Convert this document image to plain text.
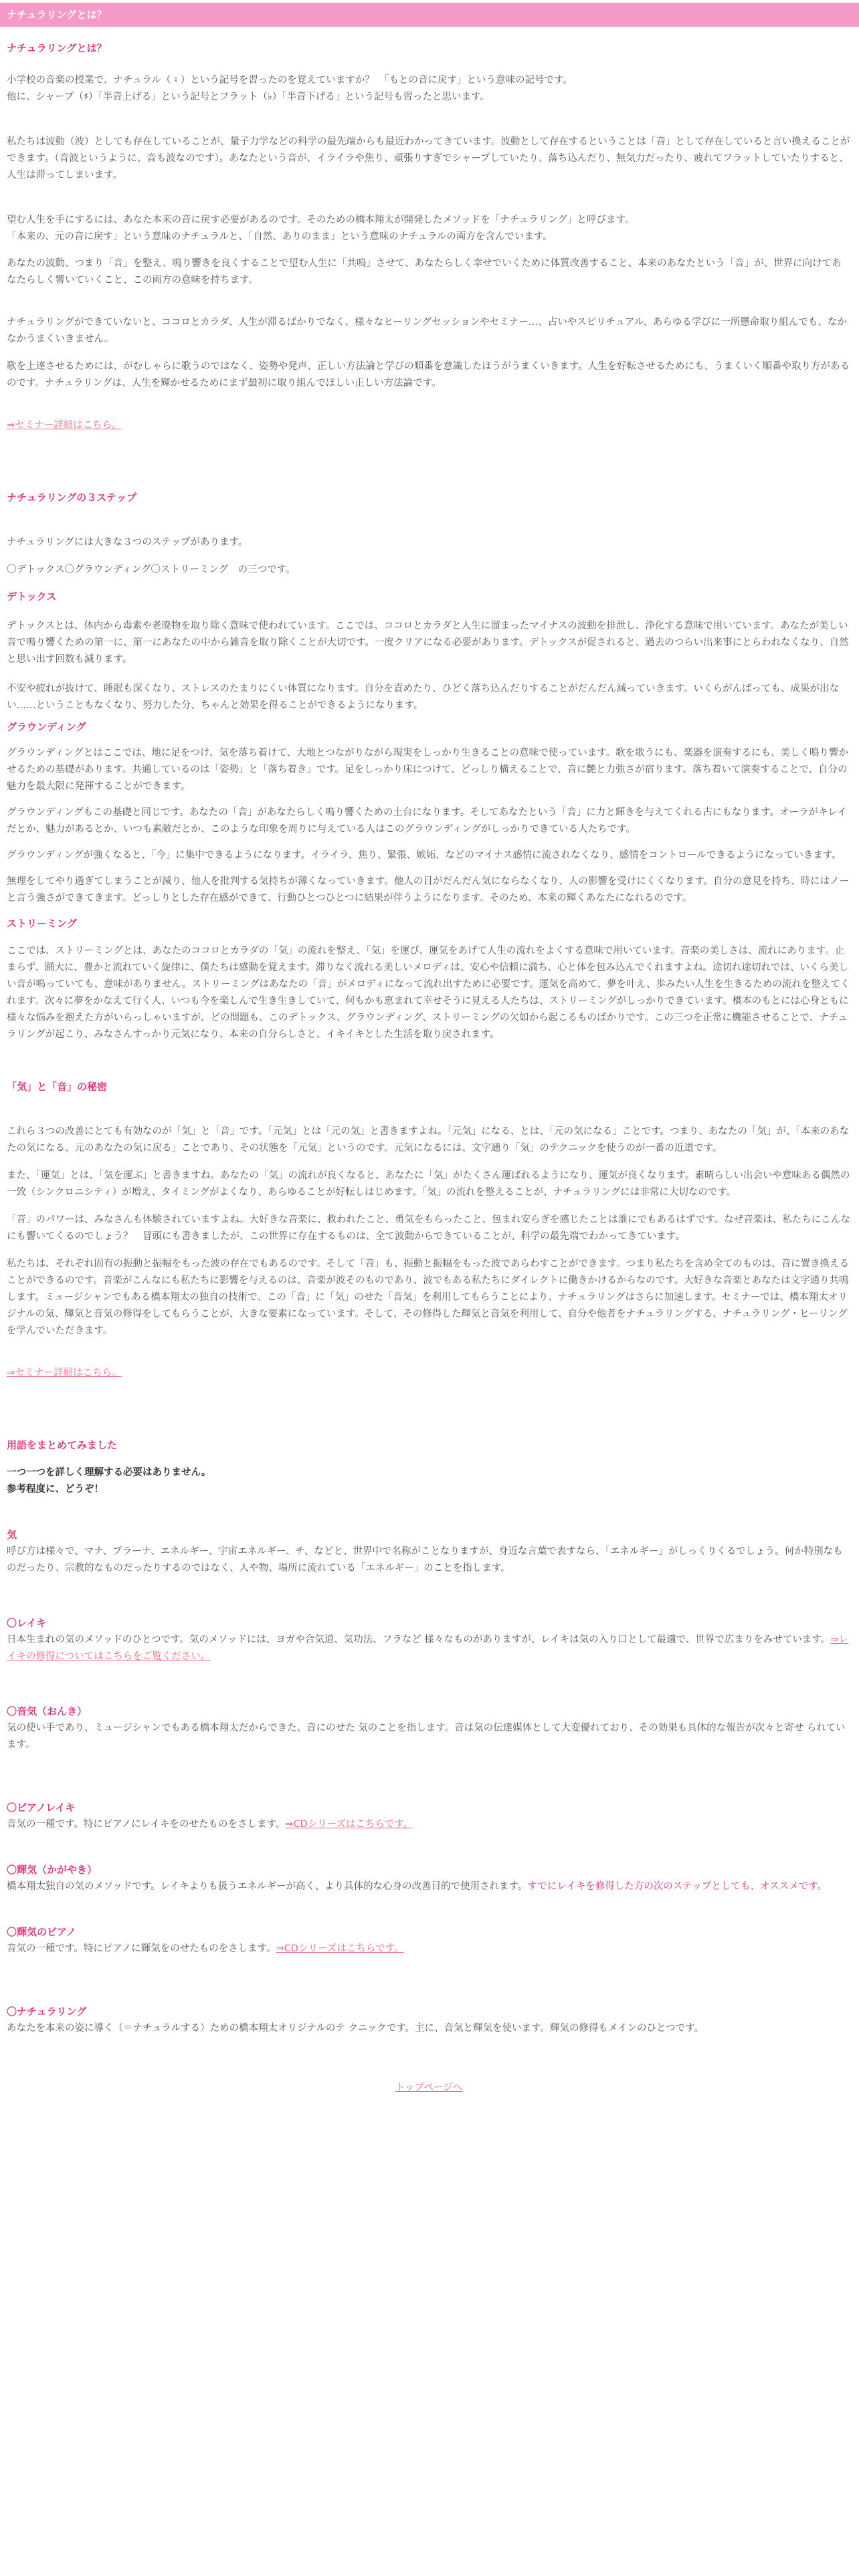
ナチュラリングとは？
ナチュラリングとは？

小学校の音楽の授業で、ナチュラル（ ♮ ）という記号を習ったのを覚えていますか？　「もとの音に戻す」という意味の記号です。

他に、シャープ（♯）「半音上げる」という記号とフラット（♭）「半音下げる」という記号も習ったと思います。

私たちは波動（波）としても存在していることが、量子力学などの科学の最先端からも最近わかってきています。波動として存在するということは「音」として存在していると言い換えることができます。（音波というように、音も波なのです）。あなたという音が、イライラや焦り、頑張りすぎでシャープしていたり、落ち込んだり、無気力だったり、疲れてフラットしていたりすると、人生は滞ってしまいます。

望む人生を手にするには、あなた本来の音に戻す必要があるのです。そのための橋本翔太が開発したメソッドを「ナチュラリング」と呼びます。

「本来の、元の音に戻す」という意味のナチュラルと、「自然、ありのまま」という意味のナチュラルの両方を含んでいます。

あなたの波動、つまり「音」を整え、鳴り響きを良くすることで望む人生に「共鳴」させて、あなたらしく幸せでいくために体質改善すること、本来のあなたという「音」が、世界に向けてあなたらしく響いていくこと、この両方の意味を持ちます。

ナチュラリングができていないと、ココロとカラダ、人生が滞るばかりでなく、様々なヒーリングセッションやセミナー…、占いやスピリチュアル、あらゆる学びに一所懸命取り組んでも、なかなかうまくいきません。

歌を上達させるためには、がむしゃらに歌うのではなく、姿勢や発声、正しい方法論と学びの順番を意識したほうがうまくいきます。人生を好転させるためにも、うまくいく順番や取り方があるのです。ナチュラリングは、人生を輝かせるためにまず最初に取り組んでほしい正しい方法論です。

⇒セミナー詳細はこちら。

ナチュラリングの３ステップ

ナチュラリングには大きな３つのステップがあります。

〇デトックス〇グラウンディング〇ストリーミング　の三つです。

デトックス

デトックスとは、体内から毒素や老廃物を取り除く意味で使われています。ここでは、ココロとカラダと人生に溜まったマイナスの波動を排泄し、浄化する意味で用いています。あなたが美しい音で鳴り響くための第一に、第一にあなたの中から雑音を取り除くことが大切です。一度クリアになる必要があります。デトックスが促されると、過去のつらい出来事にとらわれなくなり、自然と思い出す回数も減ります。

不安や疲れが抜けて、睡眠も深くなり、ストレスのたまりにくい体質になります。自分を責めたり、ひどく落ち込んだりすることがだんだん減っていきます。いくらがんばっても、成果が出ない……ということもなくなり、努力した分、ちゃんと効果を得ることができるようになります。

グラウンディング

グラウンディングとはここでは、地に足をつけ、気を落ち着けて、大地とつながりながら現実をしっかり生きることの意味で使っています。歌を歌うにも、楽器を演奏するにも、美しく鳴り響かせるための基礎があります。共通しているのは「姿勢」と「落ち着き」です。足をしっかり床につけて、どっしり構えることで、音に艶と力強さが宿ります。落ち着いて演奏することで、自分の魅力を最大限に発揮することができます。

グラウンディングもこの基礎と同じです。あなたの「音」があなたらしく鳴り響くための土台になります。そしてあなたという「音」に力と輝きを与えてくれる古にもなります。オーラがキレイだとか、魅力があるとか、いつも素敵だとか、このような印象を周りに与えている人はこのグラウンディングがしっかりできている人たちです。

グラウンディングが強くなると、「今」に集中できるようになります。イライラ、焦り、緊張、嫉妬、などのマイナス感情に流されなくなり、感情をコントロールできるようになっていきます。

無理をしてやり過ぎてしまうことが減り、他人を批判する気持ちが薄くなっていきます。他人の目がだんだん気にならなくなり、人の影響を受けにくくなります。自分の意見を持ち、時にはノーと言う強さができてきます。どっしりとした存在感ができて、行動ひとつひとつに結果が伴うようになります。そのため、本来の輝くあなたになれるのです。

ストリーミング

ここでは、ストリーミングとは、あなたのココロとカラダの「気」の流れを整え、「気」を運び、運気をあげて人生の流れをよくする意味で用いています。音楽の美しさは、流れにあります。止まらず、踊大に、豊かと流れていく旋律に、僕たちは感動を覚えます。滞りなく流れる美しいメロディは、安心や信頼に満ち、心と体を包み込んでくれますよね。途切れ途切れでは、いくら美しい音が鳴っていても、意味がありません。ストリーミングはあなたの「音」がメロディになって流れ出すために必要です。運気を高めて、夢を叶え、歩みたい人生を生きるための流れを整えてくれます。次々に夢をかなえて行く人、いつも今を楽しんで生き生きしていて、何もかも恵まれて幸せそうに見える人たちは、ストリーミングがしっかりできています。橋本のもとには心身ともに様々な悩みを抱えた方がいらっしゃいますが、どの問題も、このデトックス、グラウンディング、ストリーミングの欠如から起こるものばかりです。この三つを正常に機能させることで、ナチュラリングが起こり、みなさんすっかり元気になり、本来の自分らしさと、イキイキとした生活を取り戻されます。

「気」と「音」の秘密

これら３つの改善にとても有効なのが「気」と「音」です。「元気」とは「元の気」と書きますよね。「元気」になる、とは、「元の気になる」ことです。つまり、あなたの「気」が、「本来のあなたの気になる、元のあなたの気に戻る」ことであり、その状態を「元気」というのです。元気になるには、文字通り「気」のテクニックを使うのが一番の近道です。

また、「運気」とは、「気を運ぶ」と書きますね。あなたの「気」の流れが良くなると、あなたに「気」がたくさん運ばれるようになり、運気が良くなります。素晴らしい出会いや意味ある偶然の一致（シンクロニシティ）が増え、タイミングがよくなり、あらゆることが好転しはじめます。「気」の流れを整えることが、ナチュラリングには非常に大切なのです。

「音」のパワーは、みなさんも体験されていますよね。大好きな音楽に、救われたこと、勇気をもらったこと、包まれ安らぎを感じたことは誰にでもあるはずです。なぜ音楽は、私たちにこんなにも響いてくるのでしょう？　冒頭にも書きましたが、この世界に存在するものは、全て波動からできていることが、科学の最先端でわかってきています。

私たちは、それぞれ固有の振動と振幅をもった波の存在でもあるのです。そして「音」も、振動と振幅をもった波であらわすことができます。つまり私たちを含め全てのものは、音に置き換えることができるのです。音楽がこんなにも私たちに影響を与えるのは、音楽が波そのものであり、波でもある私たちにダイレクトに働きかけるからなのです。大好きな音楽とあなたは文字通り共鳴します。ミュージシャンでもある橋本翔太の独自の技術で、この「音」に「気」のせた「音気」を利用してもらうことにより、ナチュラリングはさらに加速します。セミナーでは、橋本翔太オリジナルの気、輝気と音気の修得をしてもらうことが、大きな要素になっています。そして、その修得した輝気と音気を利用して、自分や他者をナチュラリングする、ナチュラリング・ヒーリングを学んでいただきます。

⇒セミナー詳細はこちら。

用語をまとめてみました

一つ一つを詳しく理解する必要はありません。

参考程度に、どうぞ！

気

呼び方は様々で、マナ、プラーナ、エネルギー、宇宙エネルギー、チ、などと、世界中で名称がことなりますが、身近な言葉で表すなら、「エネルギー」がしっくりくるでしょう。何か特別なものだったり、宗教的なものだったりするのではなく、人や物、場所に流れている「エネルギー」のことを指します。

〇レイキ

日本生まれの気のメソッドのひとつです。気のメソッドには、ヨガや合気道、気功法、フラなど 様々なものがありますが、レイキは気の入り口として最適で、世界で広まりをみせています。⇒レイキの修得についてはこちらをご覧ください。

〇音気（おんき）

気の使い手であり、ミュージシャンでもある橋本翔太だからできた、音にのせた 気のことを指します。音は気の伝達媒体として大変優れており、その効果も具体的な報告が次々と寄せ られています。

〇ピアノレイキ

音気の一種です。特にピアノにレイキをのせたものをさします。⇒CDシリーズはこちらです。

〇輝気（かがやき）

橋本翔太独自の気のメソッドです。レイキよりも扱うエネルギーが高く、より具体的な心身の改善目的で使用されます。すでにレイキを修得した方の次のステップとしても、オススメです。

〇輝気のピアノ

音気の一種です。特にピアノに輝気をのせたものをさします。⇒CDシリーズはこちらです。

〇ナチュラリング

あなたを本来の姿に導く（＝ナチュラルする）ための橋本翔太オリジナルのテ クニックです。主に、音気と輝気を使います。輝気の修得もメインのひとつです。

トップページへ
